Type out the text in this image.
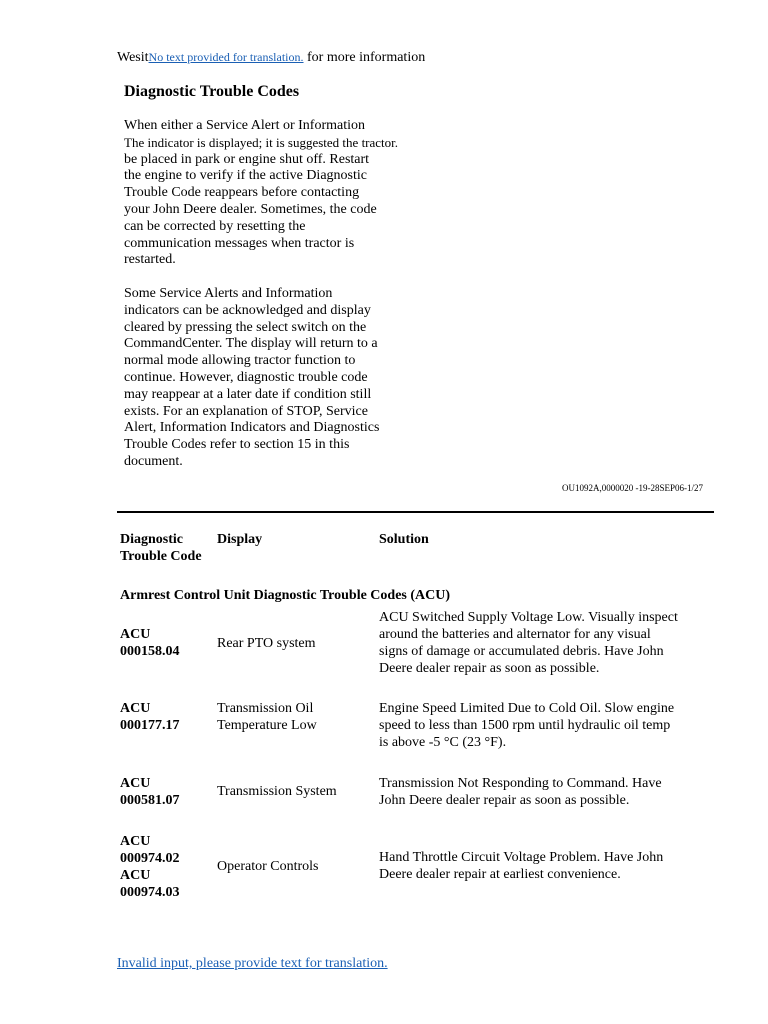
WesitNo text provided for translation. for more information
Diagnostic Trouble Codes

When either a Service Alert or Information
The indicator is displayed; it is suggested the tractor.
be placed in park or engine shut off. Restart
the engine to verify if the active Diagnostic
Trouble Code reappears before contacting
your John Deere dealer. Sometimes, the code
can be corrected by resetting the
communication messages when tractor is
restarted.

Some Service Alerts and Information
indicators can be acknowledged and display
cleared by pressing the select switch on the
CommandCenter. The display will return to a
normal mode allowing tractor function to
continue. However, diagnostic trouble code
may reappear at a later date if condition still
exists. For an explanation of STOP, Service
Alert, Information Indicators and Diagnostics
Trouble Codes refer to section 15 in this
document.

OU1092A,0000020 -19-28SEP06-1/27
Diagnostic
Trouble Code
Display	Solution
Armrest Control Unit Diagnostic Trouble Codes (ACU)
ACU
000158.04
Rear PTO system
ACU Switched Supply Voltage Low. Visually inspect
around the batteries and alternator for any visual
signs of damage or accumulated debris. Have John
Deere dealer repair as soon as possible.
ACU
000177.17
Transmission Oil
Temperature Low
Engine Speed Limited Due to Cold Oil. Slow engine
speed to less than 1500 rpm until hydraulic oil temp
is above -5 °C (23 °F).
ACU
000581.07
Transmission System
Transmission Not Responding to Command. Have
John Deere dealer repair as soon as possible.
ACU
000974.02
ACU
000974.03
Operator Controls
Hand Throttle Circuit Voltage Problem. Have John
Deere dealer repair at earliest convenience.
Invalid input, please provide text for translation.
